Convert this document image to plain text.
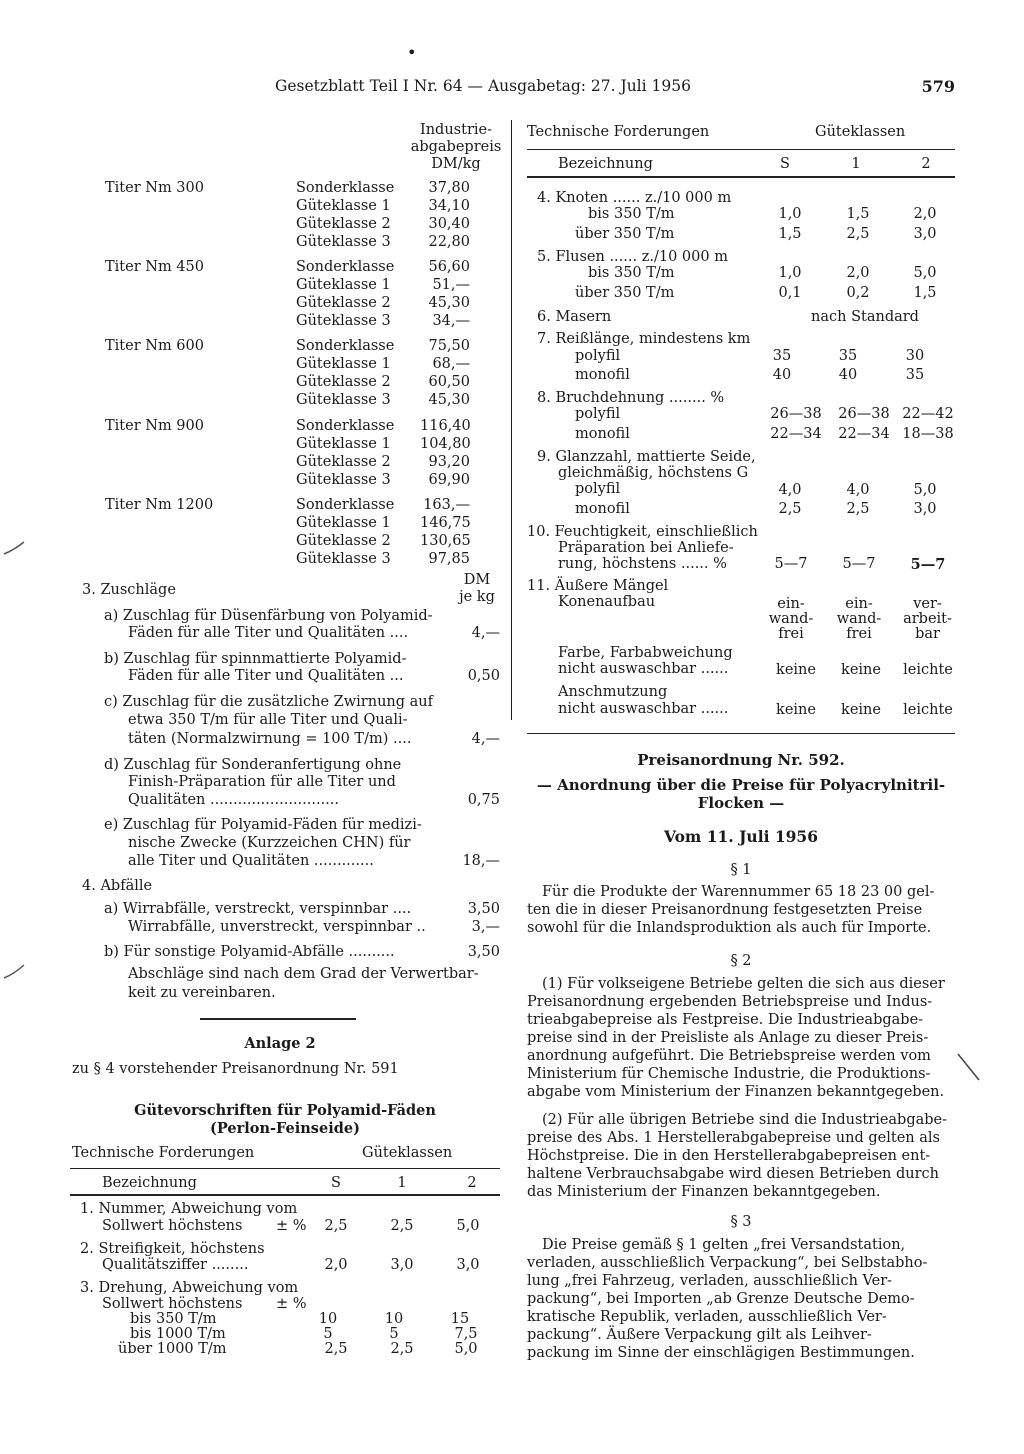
•
Gesetzblatt Teil I Nr. 64 — Ausgabetag: 27. Juli 1956	579
Industrie-
abgabepreis
DM/kg
Titer Nm 300	Sonderklasse	37,80
Güteklasse 1	34,10
Güteklasse 2	30,40
Güteklasse 3	22,80
Titer Nm 450	Sonderklasse	56,60
Güteklasse 1	51,—
Güteklasse 2	45,30
Güteklasse 3	34,—
Titer Nm 600	Sonderklasse	75,50
Güteklasse 1	68,—
Güteklasse 2	60,50
Güteklasse 3	45,30
Titer Nm 900	Sonderklasse 116,40
Güteklasse 1 104,80
Güteklasse 2	93,20
Güteklasse 3	69,90
Titer Nm 1200	Sonderklasse 163,—
Güteklasse 1 146,75
Güteklasse 2 130,65
Güteklasse 3	97,85
3. Zuschläge
DM
je kg
a) Zuschlag für Düsenfärbung von Polyamid-
Fäden für alle Titer und Qualitäten ....	4,—
b) Zuschlag für spinnmattierte Polyamid-
Fäden für alle Titer und Qualitäten ...	0,50
c) Zuschlag für die zusätzliche Zwirnung auf
etwa 350 T/m für alle Titer und Quali-
täten (Normalzwirnung = 100 T/m) ....	4,—
d) Zuschlag für Sonderanfertigung ohne
Finish-Präparation für alle Titer und
Qualitäten ............................	0,75
e) Zuschlag für Polyamid-Fäden für medizi-
nische Zwecke (Kurzzeichen CHN) für
alle Titer und Qualitäten .............	18,—
4. Abfälle
a) Wirrabfälle, verstreckt, verspinnbar ....	3,50
Wirrabfälle, unverstreckt, verspinnbar ..	3,—
b) Für sonstige Polyamid-Abfälle ..........	3,50
Abschläge sind nach dem Grad der Verwertbar-
keit zu vereinbaren.
Anlage 2
zu § 4 vorstehender Preisanordnung Nr. 591
Gütevorschriften für Polyamid-Fäden
(Perlon-Feinseide)
Technische Forderungen	Güteklassen
Bezeichnung	S	1	2
1. Nummer, Abweichung vom
Sollwert höchstens ± %	2,5	2,5	5,0
2. Streifigkeit, höchstens
Qualitätsziffer ........	2,0	3,0	3,0
3. Drehung, Abweichung vom
Sollwert höchstens ± %
bis 350 T/m	10	10	15
bis 1000 T/m	5	5	7,5
über 1000 T/m	2,5	2,5	5,0
Technische Forderungen	Güteklassen
Bezeichnung	S	1	2
4. Knoten ...... z./10 000 m
bis 350 T/m	1,0	1,5	2,0
über 350 T/m	1,5	2,5	3,0
5. Flusen ...... z./10 000 m
bis 350 T/m	1,0	2,0	5,0
über 350 T/m	0,1	0,2	1,5
6. Masern	nach Standard
7. Reißlänge, mindestens km
polyfil	35	35	30
monofil	40	40	35
8. Bruchdehnung ........ %
polyfil	26—38 26—38 22—42
monofil	22—34 22—34 18—38
9. Glanzzahl, mattierte Seide,
gleichmäßig, höchstens G
polyfil	4,0	4,0	5,0
monofil	2,5	2,5	3,0
10. Feuchtigkeit, einschließlich
Präparation bei Anliefe-
rung, höchstens ...... %	5—7	5—7	5—7
11. Äußere Mängel
Konenaufbau	ein-	ein-	ver-
wand- wand- arbeit-
frei	frei	bar
Farbe, Farbabweichung
nicht auswaschbar ......	keine	keine	leichte
Anschmutzung
nicht auswaschbar ......	keine	keine	leichte
Preisanordnung Nr. 592.
— Anordnung über die Preise für Polyacrylnitril-
Flocken —
Vom 11. Juli 1956
§ 1
Für die Produkte der Warennummer 65 18 23 00 gel-
ten die in dieser Preisanordnung festgesetzten Preise
sowohl für die Inlandsproduktion als auch für Importe.
§ 2
(1) Für volkseigene Betriebe gelten die sich aus dieser
Preisanordnung ergebenden Betriebspreise und Indus-
trieabgabepreise als Festpreise. Die Industrieabgabe-
preise sind in der Preisliste als Anlage zu dieser Preis-
anordnung aufgeführt. Die Betriebspreise werden vom
Ministerium für Chemische Industrie, die Produktions-
abgabe vom Ministerium der Finanzen bekanntgegeben.
(2) Für alle übrigen Betriebe sind die Industrieabgabe-
preise des Abs. 1 Herstellerabgabepreise und gelten als
Höchstpreise. Die in den Herstellerabgabepreisen ent-
haltene Verbrauchsabgabe wird diesen Betrieben durch
das Ministerium der Finanzen bekanntgegeben.
§ 3
Die Preise gemäß § 1 gelten „frei Versandstation,
verladen, ausschließlich Verpackung“, bei Selbstabho-
lung „frei Fahrzeug, verladen, ausschließlich Ver-
packung“, bei Importen „ab Grenze Deutsche Demo-
kratische Republik, verladen, ausschließlich Ver-
packung“. Äußere Verpackung gilt als Leihver-
packung im Sinne der einschlägigen Bestimmungen.
